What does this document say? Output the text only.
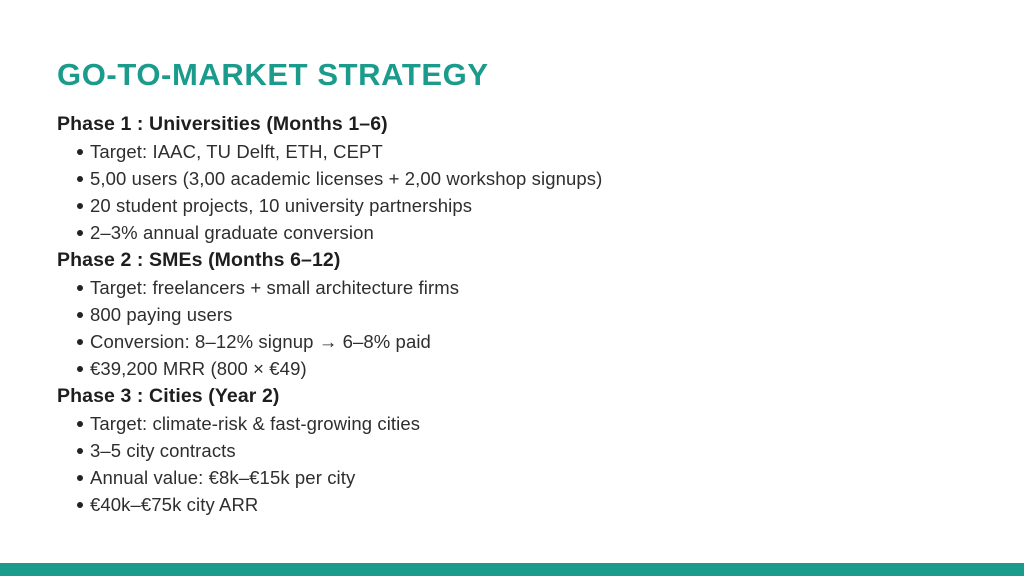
GO-TO-MARKET STRATEGY
Phase 1 : Universities (Months 1–6)
Target: IAAC, TU Delft, ETH, CEPT
5,00 users (3,00 academic licenses + 2,00 workshop signups)
20 student projects, 10 university partnerships
2–3% annual graduate conversion
Phase 2 : SMEs (Months 6–12)
Target: freelancers + small architecture firms
800 paying users
Conversion: 8–12% signup → 6–8% paid
€39,200 MRR (800 × €49)
Phase 3 : Cities (Year 2)
Target: climate-risk & fast-growing cities
3–5 city contracts
Annual value: €8k–€15k per city
€40k–€75k city ARR
